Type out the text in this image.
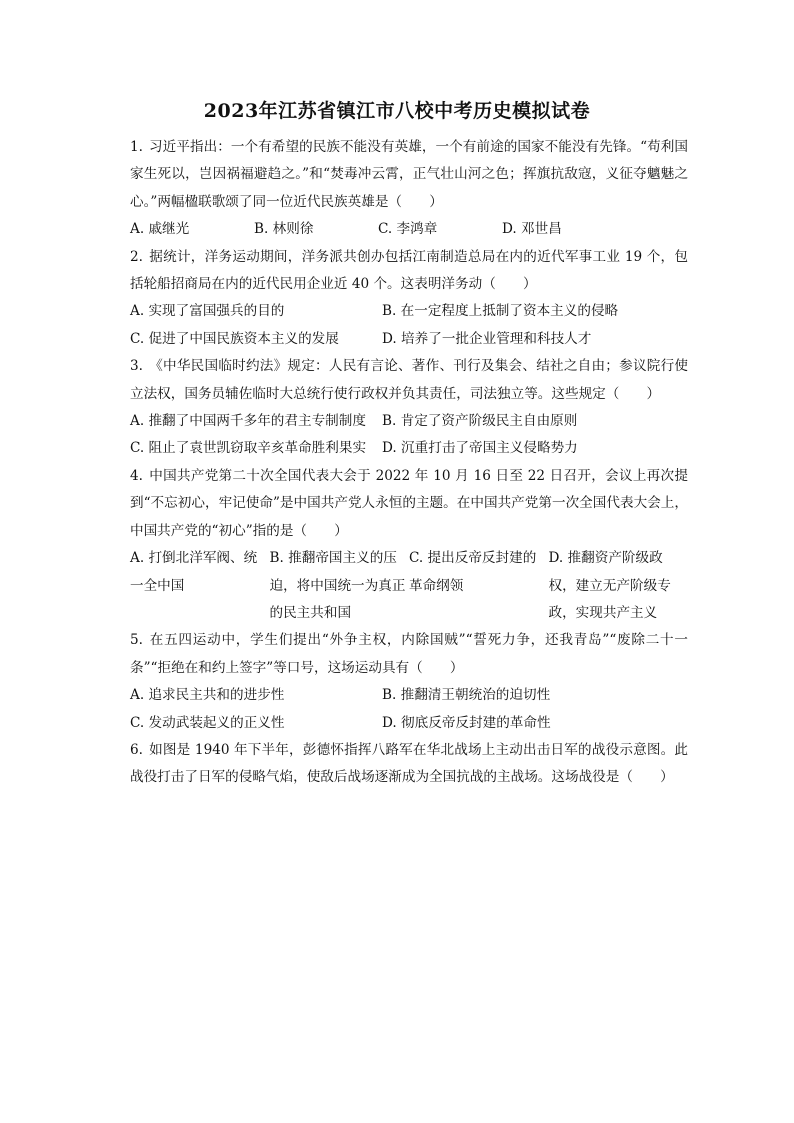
2023年江苏省镇江市八校中考历史模拟试卷
1. 习近平指出：一个有希望的民族不能没有英雄，一个有前途的国家不能没有先锋。“苟利国家生死以，岂因祸福避趋之。”和“焚毒冲云霄，正气壮山河之色；挥旗抗敌寇，义征夺魑魅之心。”两幅楹联歌颂了同一位近代民族英雄是（　　）
A. 戚继光	B. 林则徐	C. 李鸿章	D. 邓世昌
2. 据统计，洋务运动期间，洋务派共创办包括江南制造总局在内的近代军事工业 19 个，包括轮船招商局在内的近代民用企业近 40 个。这表明洋务动（　　）
A. 实现了富国强兵的目的	B. 在一定程度上抵制了资本主义的侵略
C. 促进了中国民族资本主义的发展	D. 培养了一批企业管理和科技人才
3. 《中华民国临时约法》规定：人民有言论、著作、刊行及集会、结社之自由；参议院行使立法权，国务员辅佐临时大总统行使行政权并负其责任，司法独立等。这些规定（　　）
A. 推翻了中国两千多年的君主专制制度	B. 肯定了资产阶级民主自由原则
C. 阻止了袁世凯窃取辛亥革命胜利果实	D. 沉重打击了帝国主义侵略势力
4. 中国共产党第二十次全国代表大会于 2022 年 10 月 16 日至 22 日召开，会议上再次提到“不忘初心，牢记使命”是中国共产党人永恒的主题。在中国共产党第一次全国代表大会上，中国共产党的“初心”指的是（　　）
A. 打倒北洋军阀、统一全中国
B. 推翻帝国主义的压迫，将中国统一为真正的民主共和国
C. 提出反帝反封建的革命纲领
D. 推翻资产阶级政权，建立无产阶级专政，实现共产主义
5. 在五四运动中，学生们提出“外争主权，内除国贼”“誓死力争，还我青岛”“废除二十一条”“拒绝在和约上签字”等口号，这场运动具有（　　）
A. 追求民主共和的进步性	B. 推翻清王朝统治的迫切性
C. 发动武装起义的正义性	D. 彻底反帝反封建的革命性
6. 如图是 1940 年下半年，彭德怀指挥八路军在华北战场上主动出击日军的战役示意图。此战役打击了日军的侵略气焰，使敌后战场逐渐成为全国抗战的主战场。这场战役是（　　）
